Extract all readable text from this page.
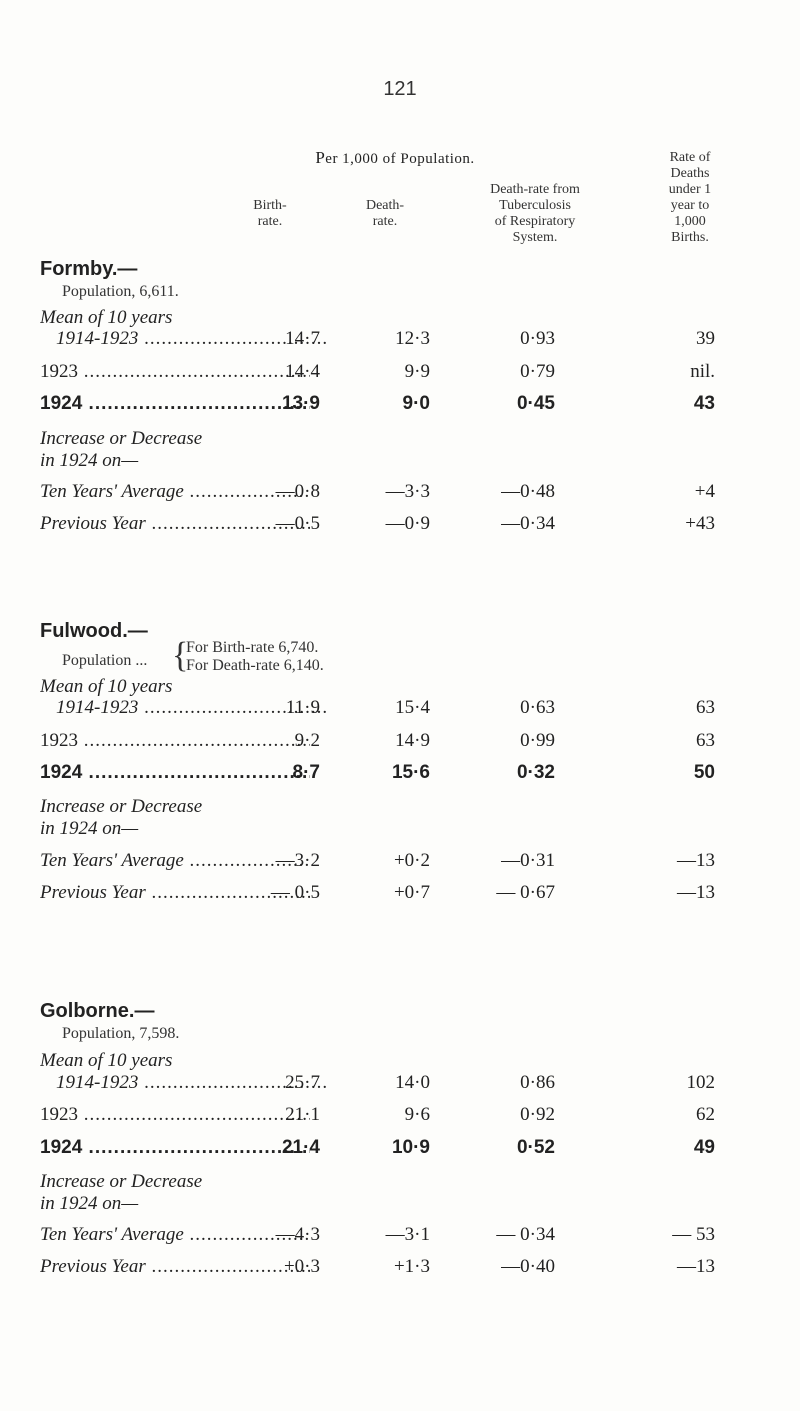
121
Per 1,000 of Population.
Birth-
rate.
Death-
rate.
Death-rate from
Tuberculosis
of Respiratory
System.
Rate of
Deaths
under 1
year to
1,000
Births.
Formby.—
Population, 6,611.
Mean of 10 years
1914-1923 .....	14·7	12·3	0·93	39
1923 .....	14·4	9·9	0·79	nil.
1924 .....	13·9	9·0	0·45	43
Increase or Decrease
in 1924 on—
Ten Years' Average .....	—0·8	—3·3	—0·48	+4
Previous Year .....	—0·5	—0·9	—0·34	+43
Fulwood.—
Population ... {
For Birth-rate 6,740.
For Death-rate 6,140.
Mean of 10 years
1914-1923 .....	11·9	15·4	0·63	63
1923 .....	9·2	14·9	0·99	63
1924 .....	8·7	15·6	0·32	50
Increase or Decrease
in 1924 on—
Ten Years' Average .....	—3·2	+0·2	—0·31	—13
Previous Year .....	— 0·5	+0·7	— 0·67	—13
Golborne.—
Population, 7,598.
Mean of 10 years
1914-1923 .....	25·7	14·0	0·86	102
1923 .....	21·1	9·6	0·92	62
1924 .....	21·4	10·9	0·52	49
Increase or Decrease
in 1924 on—
Ten Years' Average .....	—4·3	—3·1	— 0·34	— 53
Previous Year .....	+0·3	+1·3	—0·40	—13
